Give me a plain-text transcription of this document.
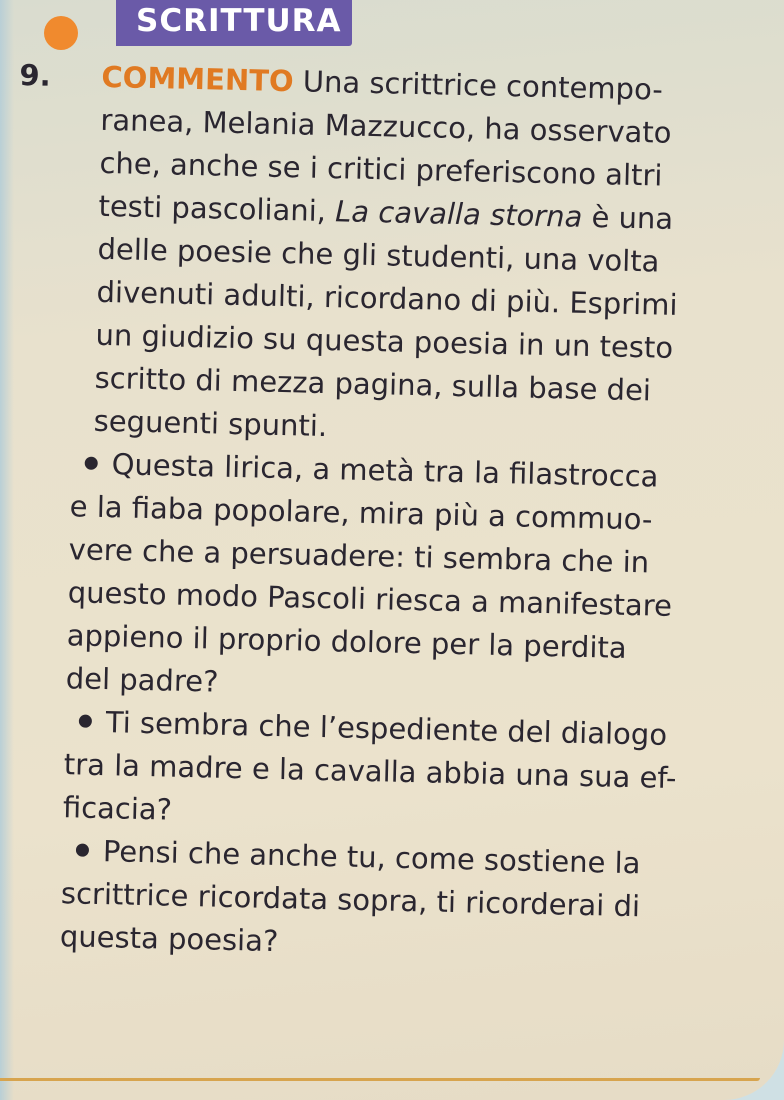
SCRITTURA
9. COMMENTO Una scrittrice contempo-
ranea, Melania Mazzucco, ha osservato
che, anche se i critici preferiscono altri
testi pascoliani, La cavalla storna è una
delle poesie che gli studenti, una volta
divenuti adulti, ricordano di più. Esprimi
un giudizio su questa poesia in un testo
scritto di mezza pagina, sulla base dei
seguenti spunti.
Questa lirica, a metà tra la filastrocca
e la fiaba popolare, mira più a commuo-
vere che a persuadere: ti sembra che in
questo modo Pascoli riesca a manifestare
appieno il proprio dolore per la perdita
del padre?
Ti sembra che l’espediente del dialogo
tra la madre e la cavalla abbia una sua ef-
ficacia?
Pensi che anche tu, come sostiene la
scrittrice ricordata sopra, ti ricorderai di
questa poesia?
